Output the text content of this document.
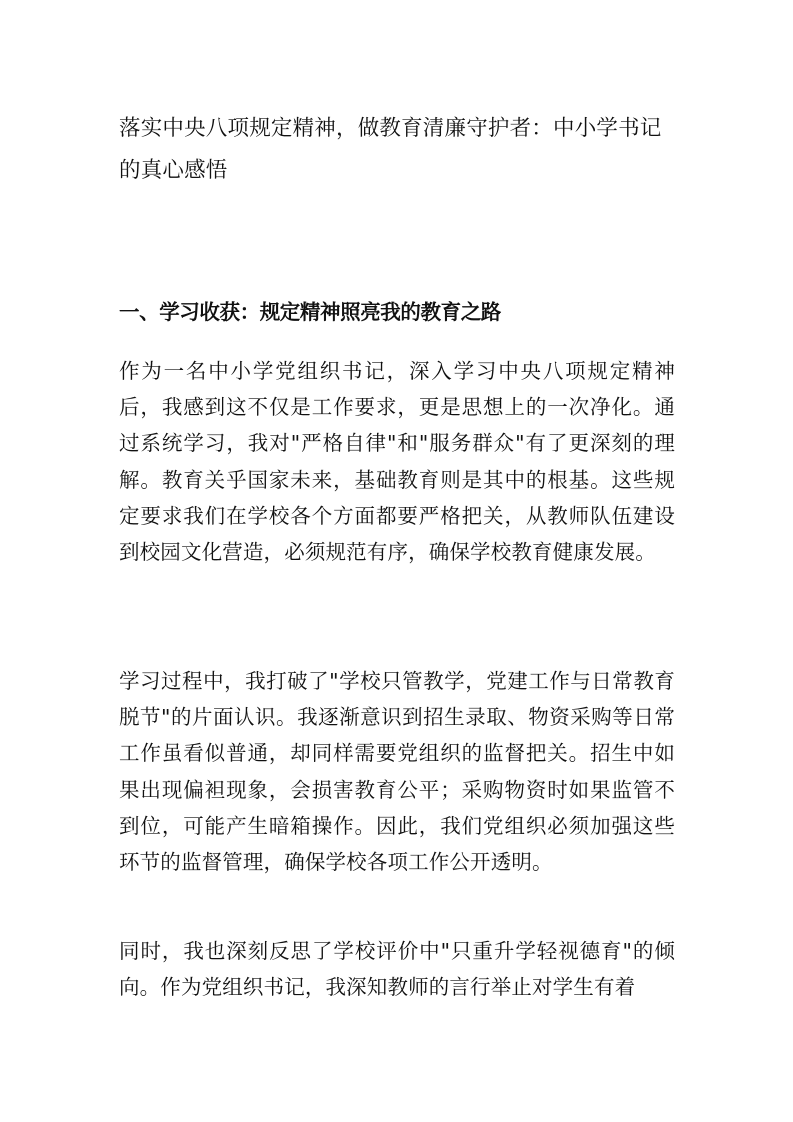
落实中央八项规定精神，做教育清廉守护者：中小学书记的真心感悟
一、学习收获：规定精神照亮我的教育之路

作为一名中小学党组织书记，深入学习中央八项规定精神后，我感到这不仅是工作要求，更是思想上的一次净化。通过系统学习，我对"严格自律"和"服务群众"有了更深刻的理解。教育关乎国家未来，基础教育则是其中的根基。这些规定要求我们在学校各个方面都要严格把关，从教师队伍建设到校园文化营造，必须规范有序，确保学校教育健康发展。

学习过程中，我打破了"学校只管教学，党建工作与日常教育脱节"的片面认识。我逐渐意识到招生录取、物资采购等日常工作虽看似普通，却同样需要党组织的监督把关。招生中如果出现偏袒现象，会损害教育公平；采购物资时如果监管不到位，可能产生暗箱操作。因此，我们党组织必须加强这些环节的监督管理，确保学校各项工作公开透明。

同时，我也深刻反思了学校评价中"只重升学轻视德育"的倾向。作为党组织书记，我深知教师的言行举止对学生有着
